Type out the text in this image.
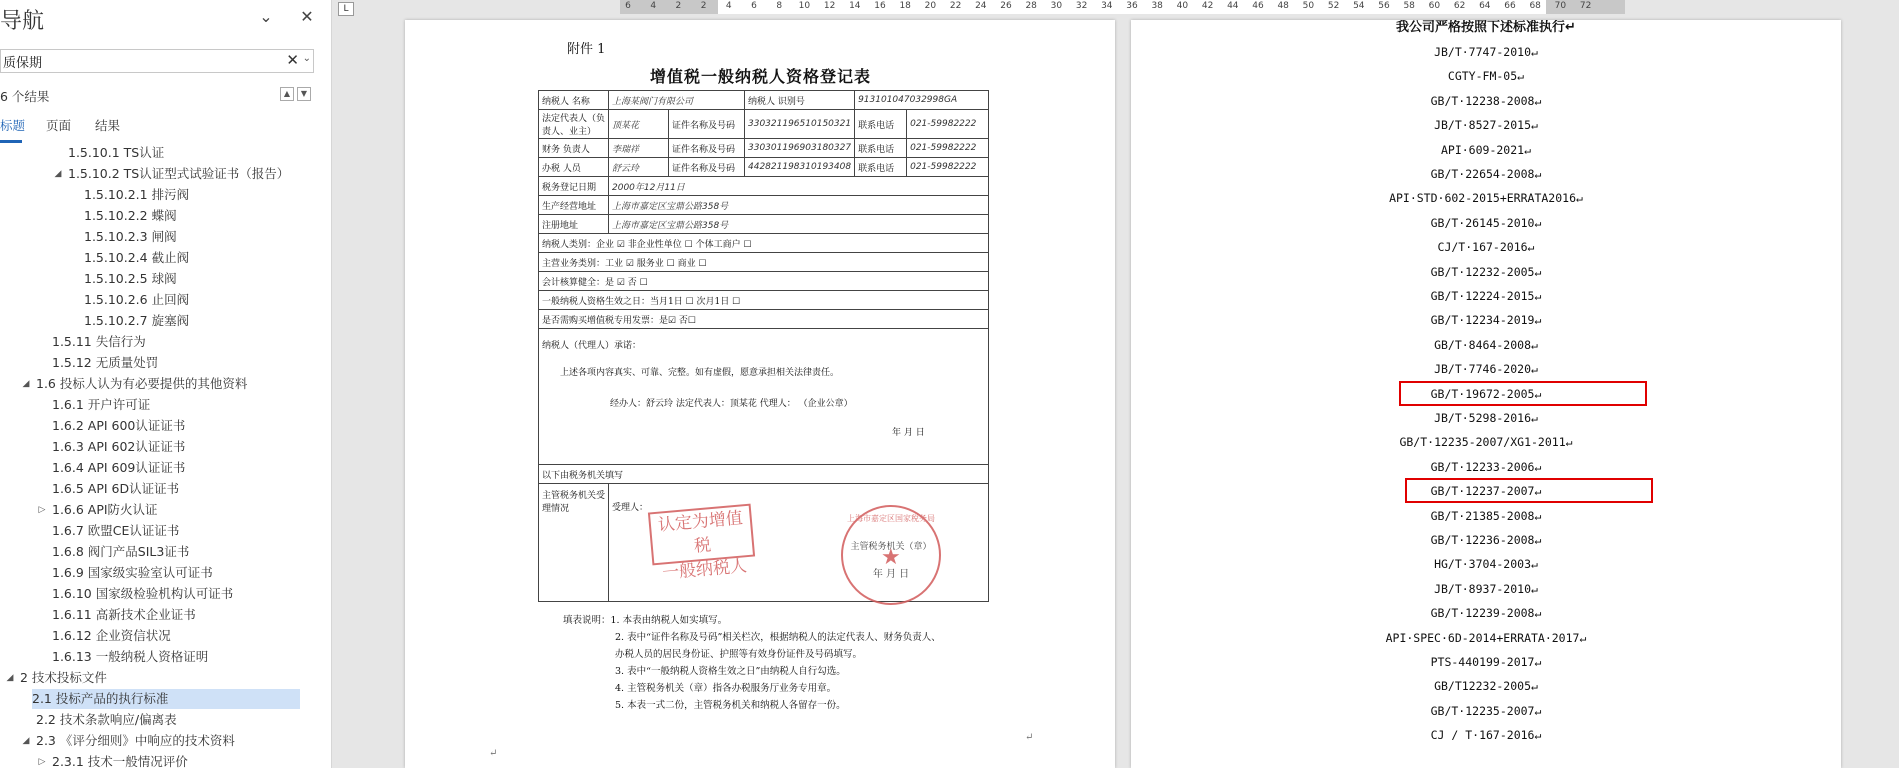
导航	⌄ ✕
质保期
✕ ⌄
6 个结果	▲	▼
标题 页面 结果
1.5.10.1 TS认证
◢ 1.5.10.2 TS认证型式试验证书（报告）
1.5.10.2.1 排污阀
1.5.10.2.2 蝶阀
1.5.10.2.3 闸阀
1.5.10.2.4 截止阀
1.5.10.2.5 球阀
1.5.10.2.6 止回阀
1.5.10.2.7 旋塞阀
1.5.11 失信行为
1.5.12 无质量处罚
◢ 1.6 投标人认为有必要提供的其他资料
1.6.1 开户许可证
1.6.2 API 600认证证书
1.6.3 API 602认证证书
1.6.4 API 609认证证书
1.6.5 API 6D认证证书
▷ 1.6.6 API防火认证
1.6.7 欧盟CE认证证书
1.6.8 阀门产品SIL3证书
1.6.9 国家级实验室认可证书
1.6.10 国家级检验机构认可证书
1.6.11 高新技术企业证书
1.6.12 企业资信状况
1.6.13 一般纳税人资格证明
◢ 2 技术投标文件
2.1 投标产品的执行标准
2.2 技术条款响应/偏离表
◢ 2.3 《评分细则》中响应的技术资料
▷ 2.3.1 技术一般情况评价
L	6 4 2 2 4 6 8 10 12 14 16 18 20 22 24 26 28 30 32 34 36 38 40 42 44 46 48 50 52 54 56 58 60 62 64 66 68 70 72
附件 1
增值税一般纳税人资格登记表
纳税人 名称	上海某阀门有限公司		纳税人 识别号	913101047032998GA	
法定代表人（负责人、业主）	顶某花	证件名称及号码	330321196510150321	联系电话	021-59982222
财务 负责人	李瑞祥	证件名称及号码	330301196903180327	联系电话	021-59982222
办税 人员	舒云玲	证件名称及号码	442821198310193408	联系电话	021-59982222
税务登记日期	2000年12月11日				
生产经营地址	上海市嘉定区宝鼎公路358号				
注册地址	上海市嘉定区宝鼎公路358号				
纳税人类别：企业 ☑ 非企业性单位 ☐ 个体工商户 ☐					
主营业务类别：工业 ☑ 服务业 ☐ 商业 ☐					
会计核算健全：是 ☑ 否 ☐					
一般纳税人资格生效之日：当月1日 ☐ 次月1日 ☐					
是否需购买增值税专用发票：是☑ 否☐					

纳税人（代理人）承诺：
上述各项内容真实、可靠、完整。如有虚假，愿意承担相关法律责任。
经办人：舒云玲 法定代表人：顶某花 代理人： （企业公章）
年 月 日					

以下由税务机关填写					
主管税务机关受理情况	受理人：				
认定为增值税
一般纳税人
上海市嘉定区国家税务局
主管税务机关（章）
★
年 月 日
填表说明：1. 本表由纳税人如实填写。
2. 表中“证件名称及号码”相关栏次，根据纳税人的法定代表人、财务负责人、
办税人员的居民身份证、护照等有效身份证件及号码填写。
3. 表中“一般纳税人资格生效之日”由纳税人自行勾选。
4. 主管税务机关（章）指各办税服务厅业务专用章。
5. 本表一式二份，主管税务机关和纳税人各留存一份。
↵
↵
我公司严格按照下述标准执行↵
JB/T·7747-2010↵
CGTY-FM-05↵
GB/T·12238-2008↵
JB/T·8527-2015↵
API·609-2021↵
GB/T·22654-2008↵
API·STD·602-2015+ERRATA2016↵
GB/T·26145-2010↵
CJ/T·167-2016↵
GB/T·12232-2005↵
GB/T·12224-2015↵
GB/T·12234-2019↵
GB/T·8464-2008↵
JB/T·7746-2020↵
GB/T·19672-2005↵
JB/T·5298-2016↵
GB/T·12235-2007/XG1-2011↵
GB/T·12233-2006↵
GB/T·12237-2007↵
GB/T·21385-2008↵
GB/T·12236-2008↵
HG/T·3704-2003↵
JB/T·8937-2010↵
GB/T·12239-2008↵
API·SPEC·6D-2014+ERRATA·2017↵
PTS-440199-2017↵
GB/T12232-2005↵
GB/T·12235-2007↵
CJ / T·167-2016↵
